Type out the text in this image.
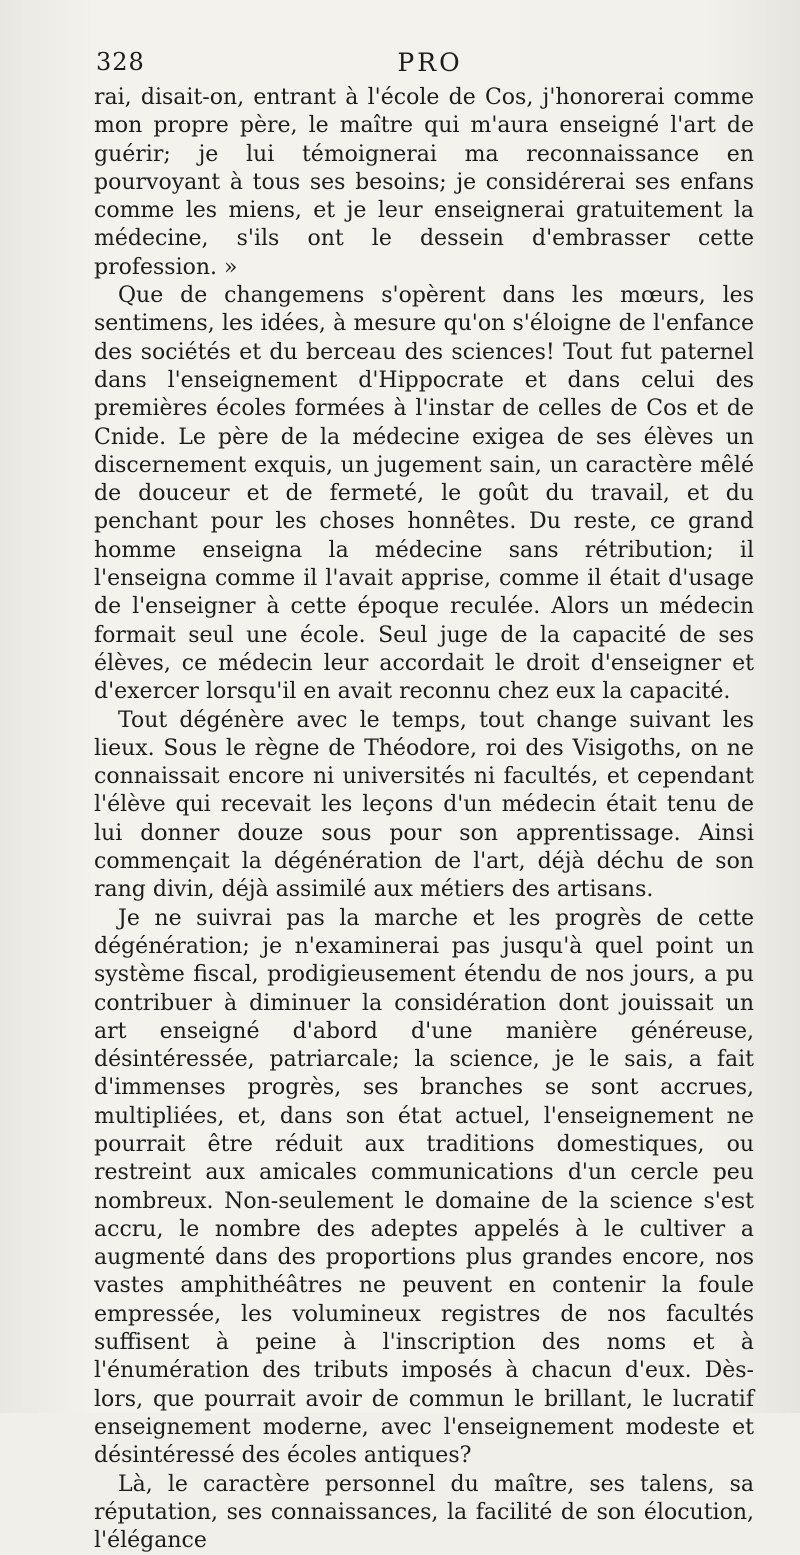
328	PRO

rai, disait-on, entrant à l'école de Cos, j'honorerai comme mon propre père, le maître qui m'aura enseigné l'art de guérir; je lui témoignerai ma reconnaissance en pourvoyant à tous ses besoins; je considérerai ses enfans comme les miens, et je leur enseignerai gratuitement la médecine, s'ils ont le dessein d'embrasser cette profession. »

Que de changemens s'opèrent dans les mœurs, les sentimens, les idées, à mesure qu'on s'éloigne de l'enfance des sociétés et du berceau des sciences! Tout fut paternel dans l'enseignement d'Hippocrate et dans celui des premières écoles formées à l'instar de celles de Cos et de Cnide. Le père de la médecine exigea de ses élèves un discernement exquis, un jugement sain, un caractère mêlé de douceur et de fermeté, le goût du travail, et du penchant pour les choses honnêtes. Du reste, ce grand homme enseigna la médecine sans rétribution; il l'enseigna comme il l'avait apprise, comme il était d'usage de l'enseigner à cette époque reculée. Alors un médecin formait seul une école. Seul juge de la capacité de ses élèves, ce médecin leur accordait le droit d'enseigner et d'exercer lorsqu'il en avait reconnu chez eux la capacité.

Tout dégénère avec le temps, tout change suivant les lieux. Sous le règne de Théodore, roi des Visigoths, on ne connaissait encore ni universités ni facultés, et cependant l'élève qui recevait les leçons d'un médecin était tenu de lui donner douze sous pour son apprentissage. Ainsi commençait la dégénération de l'art, déjà déchu de son rang divin, déjà assimilé aux métiers des artisans.

Je ne suivrai pas la marche et les progrès de cette dégénération; je n'examinerai pas jusqu'à quel point un système fiscal, prodigieusement étendu de nos jours, a pu contribuer à diminuer la considération dont jouissait un art enseigné d'abord d'une manière généreuse, désintéressée, patriarcale; la science, je le sais, a fait d'immenses progrès, ses branches se sont accrues, multipliées, et, dans son état actuel, l'enseignement ne pourrait être réduit aux traditions domestiques, ou restreint aux amicales communications d'un cercle peu nombreux. Non-seulement le domaine de la science s'est accru, le nombre des adeptes appelés à le cultiver a augmenté dans des proportions plus grandes encore, nos vastes amphithéâtres ne peuvent en contenir la foule empressée, les volumineux registres de nos facultés suffisent à peine à l'inscription des noms et à l'énumération des tributs imposés à chacun d'eux. Dès-lors, que pourrait avoir de commun le brillant, le lucratif enseignement moderne, avec l'enseignement modeste et désintéressé des écoles antiques?

Là, le caractère personnel du maître, ses talens, sa réputation, ses connaissances, la facilité de son élocution, l'élégance
